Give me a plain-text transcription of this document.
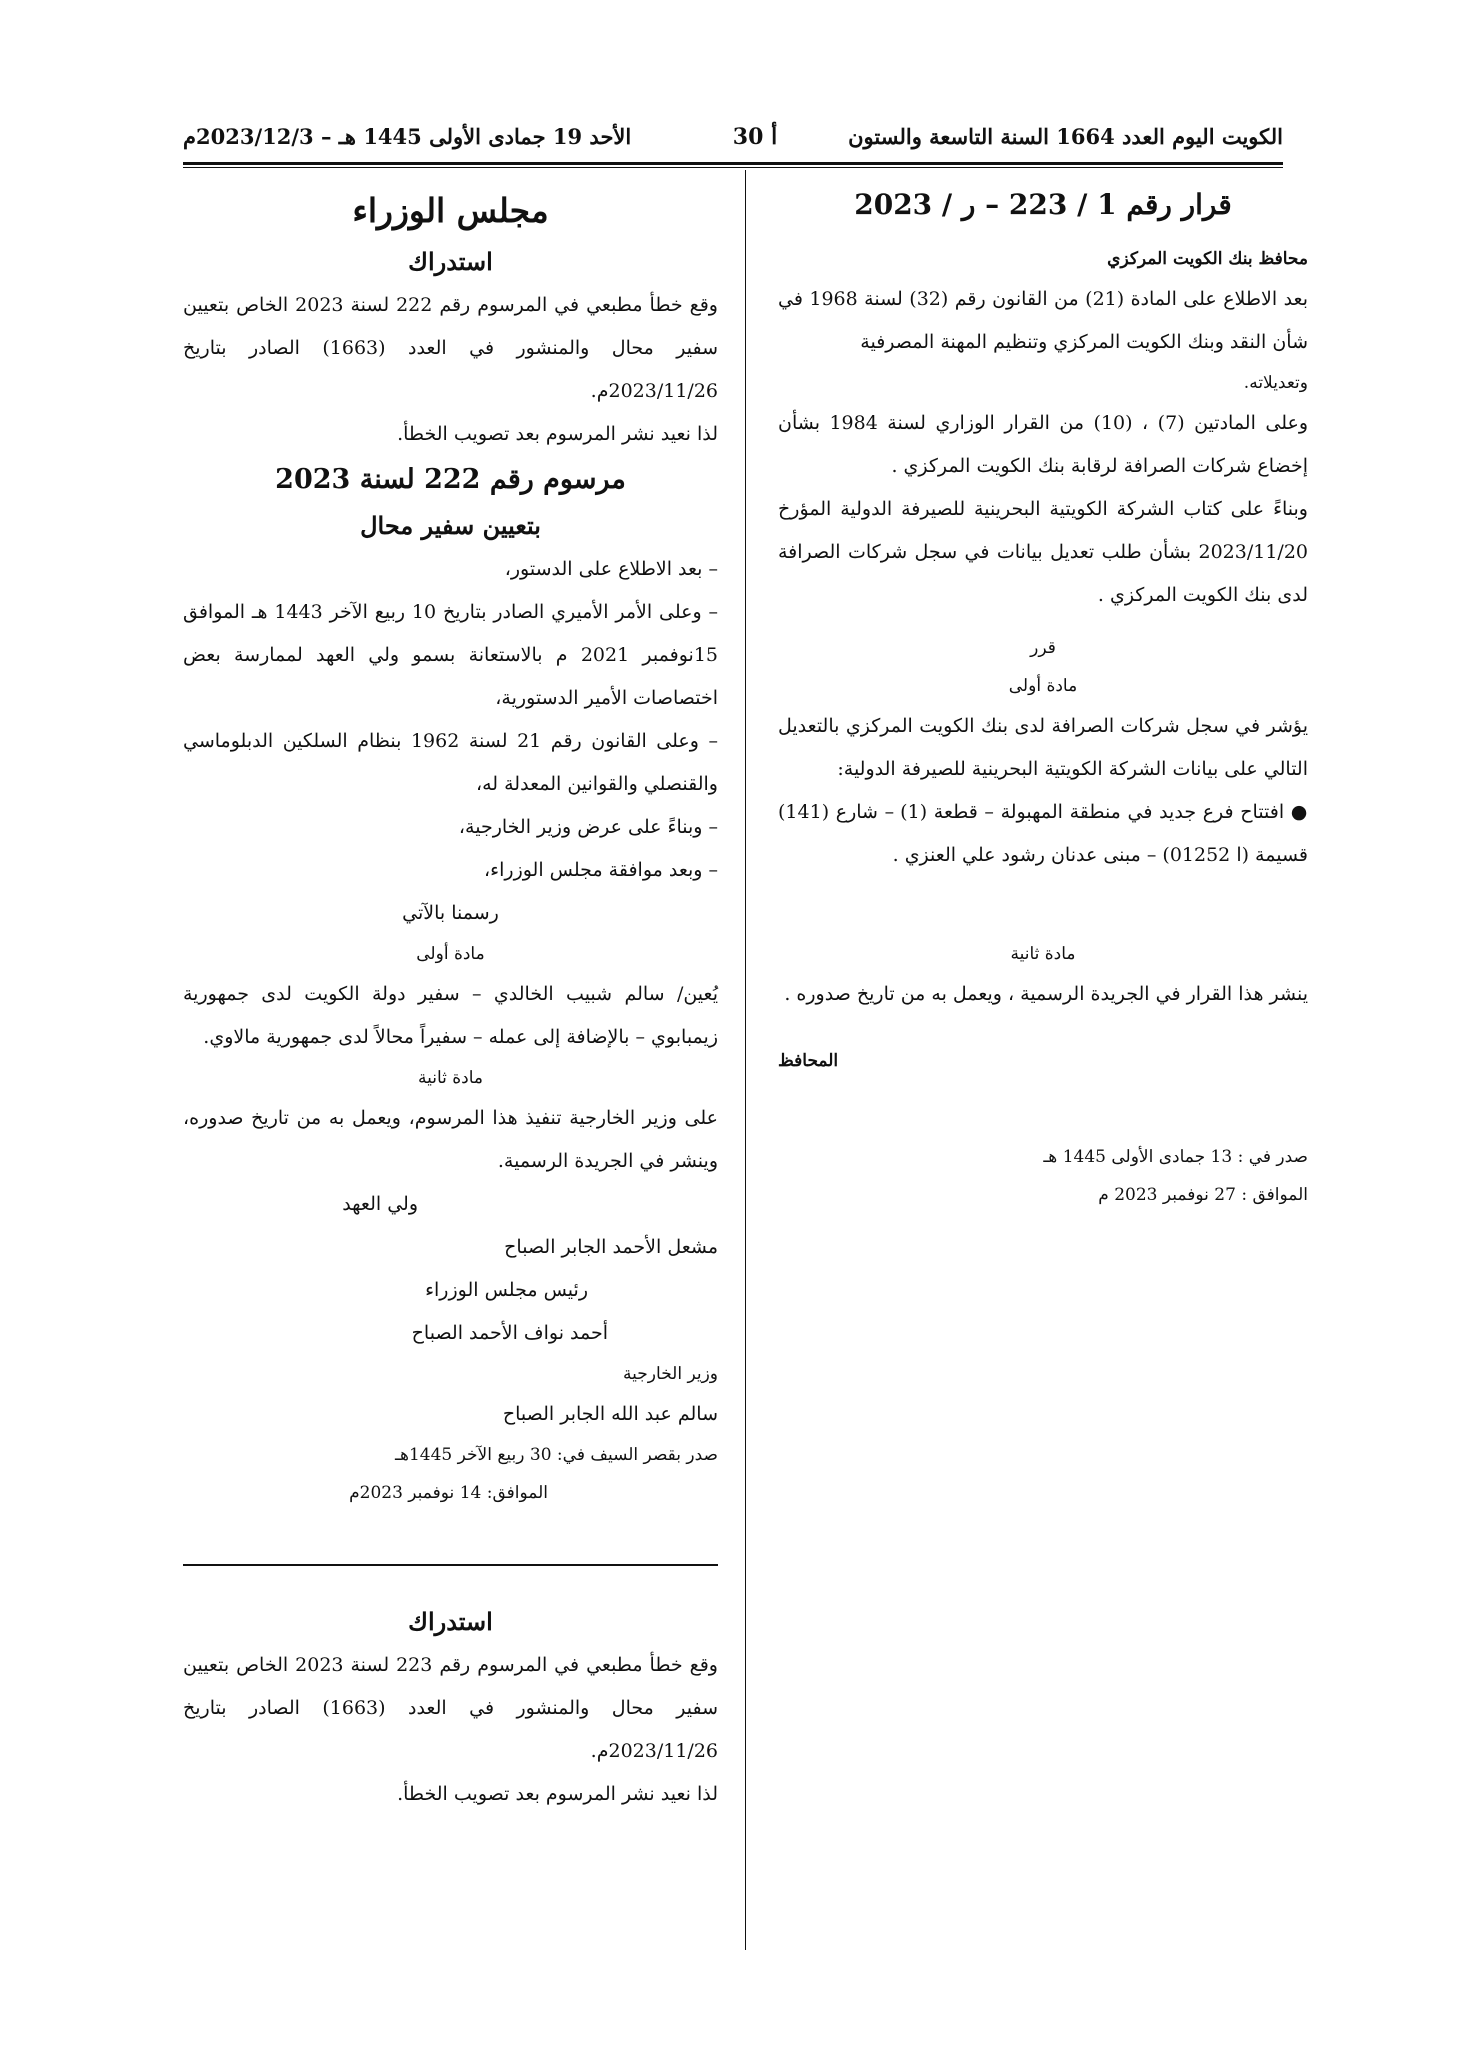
الكويت اليوم العدد 1664 السنة التاسعة والستون
أ 30
الأحد 19 جمادى الأولى 1445 هـ – 2023/12/3م
قرار رقم 1 / 223 – ر / 2023

محافظ بنك الكويت المركزي

بعد الاطلاع على المادة (21) من القانون رقم (32) لسنة 1968 في شأن النقد وبنك الكويت المركزي وتنظيم المهنة المصرفية

وتعديلاته.

وعلى المادتين (7) ، (10) من القرار الوزاري لسنة 1984 بشأن إخضاع شركات الصرافة لرقابة بنك الكويت المركزي .

وبناءً على كتاب الشركة الكويتية البحرينية للصيرفة الدولية المؤرخ 2023/11/20 بشأن طلب تعديل بيانات في سجل شركات الصرافة لدى بنك الكويت المركزي .

قرر

مادة أولى

يؤشر في سجل شركات الصرافة لدى بنك الكويت المركزي بالتعديل التالي على بيانات الشركة الكويتية البحرينية للصيرفة الدولية:

● افتتاح فرع جديد في منطقة المهبولة – قطعة (1) – شارع (141) قسيمة (ا 01252) – مبنى عدنان رشود علي العنزي .

مادة ثانية

ينشر هذا القرار في الجريدة الرسمية ، ويعمل به من تاريخ صدوره .

المحافظ

صدر في : 13 جمادى الأولى 1445 هـ

الموافق : 27 نوفمبر 2023 م

مجلس الوزراء
استدراك

وقع خطأ مطبعي في المرسوم رقم 222 لسنة 2023 الخاص بتعيين سفير محال والمنشور في العدد (1663) الصادر بتاريخ 2023/11/26م.

لذا نعيد نشر المرسوم بعد تصويب الخطأ.

مرسوم رقم 222 لسنة 2023
بتعيين سفير محال

– بعد الاطلاع على الدستور،

– وعلى الأمر الأميري الصادر بتاريخ 10 ربيع الآخر 1443 هـ الموافق 15نوفمبر 2021 م بالاستعانة بسمو ولي العهد لممارسة بعض اختصاصات الأمير الدستورية،

– وعلى القانون رقم 21 لسنة 1962 بنظام السلكين الدبلوماسي والقنصلي والقوانين المعدلة له،

– وبناءً على عرض وزير الخارجية،

– وبعد موافقة مجلس الوزراء،

رسمنا بالآتي

مادة أولى

يُعين/ سالم شبيب الخالدي – سفير دولة الكويت لدى جمهورية زيمبابوي – بالإضافة إلى عمله – سفيراً محالاً لدى جمهورية مالاوي.

مادة ثانية

على وزير الخارجية تنفيذ هذا المرسوم، ويعمل به من تاريخ صدوره، وينشر في الجريدة الرسمية.

ولي العهد

مشعل الأحمد الجابر الصباح

رئيس مجلس الوزراء

أحمد نواف الأحمد الصباح

وزير الخارجية

سالم عبد الله الجابر الصباح

صدر بقصر السيف في: 30 ربيع الآخر 1445هـ

الموافق: 14 نوفمبر 2023م

استدراك

وقع خطأ مطبعي في المرسوم رقم 223 لسنة 2023 الخاص بتعيين سفير محال والمنشور في العدد (1663) الصادر بتاريخ 2023/11/26م.

لذا نعيد نشر المرسوم بعد تصويب الخطأ.
